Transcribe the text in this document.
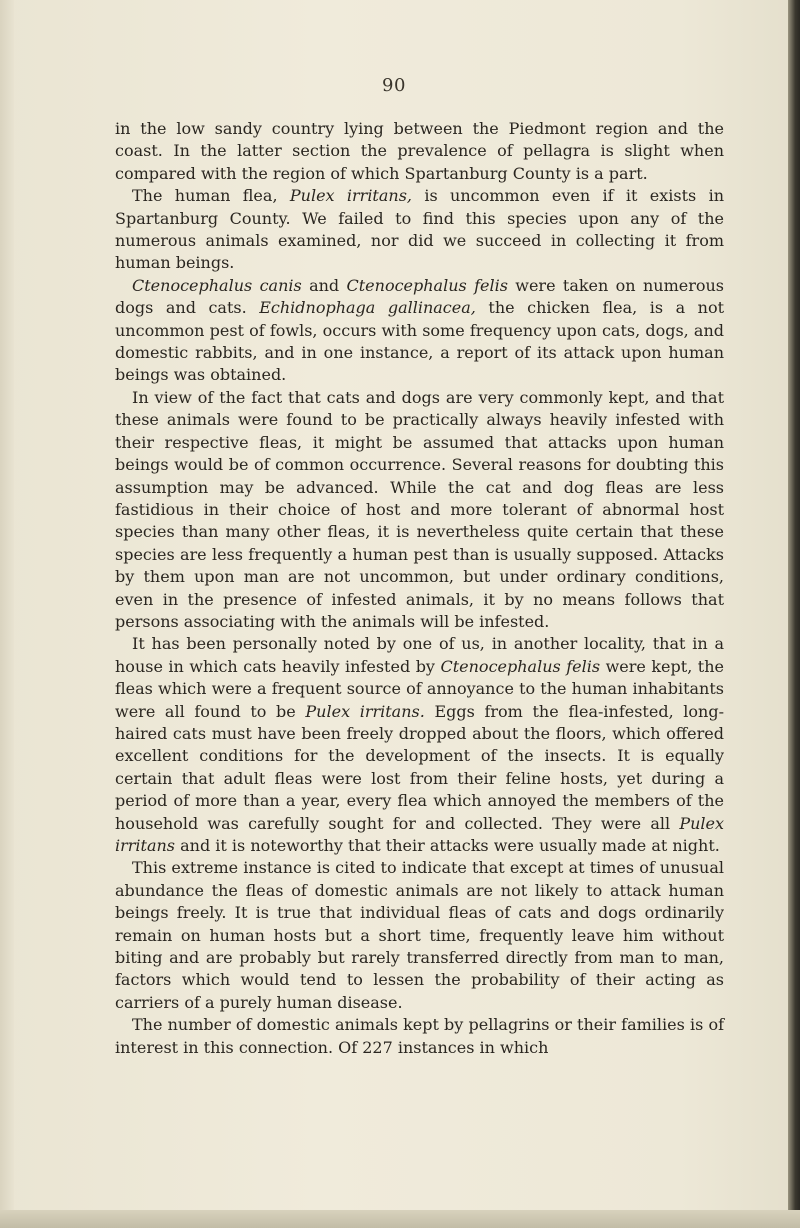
90

in the low sandy country lying between the Piedmont region and the coast. In the latter section the prevalence of pellagra is slight when compared with the region of which Spartanburg County is a part.

The human flea, Pulex irritans, is uncommon even if it exists in Spartanburg County. We failed to find this species upon any of the numerous animals examined, nor did we succeed in collecting it from human beings.

Ctenocephalus canis and Ctenocephalus felis were taken on numerous dogs and cats. Echidnophaga gallinacea, the chicken flea, is a not uncommon pest of fowls, occurs with some frequency upon cats, dogs, and domestic rabbits, and in one instance, a report of its attack upon human beings was obtained.

In view of the fact that cats and dogs are very commonly kept, and that these animals were found to be practically always heavily infested with their respective fleas, it might be assumed that attacks upon human beings would be of common occurrence. Several reasons for doubting this assumption may be advanced. While the cat and dog fleas are less fastidious in their choice of host and more tolerant of abnormal host species than many other fleas, it is nevertheless quite certain that these species are less frequently a human pest than is usually supposed. Attacks by them upon man are not uncommon, but under ordinary conditions, even in the presence of infested animals, it by no means follows that persons associating with the animals will be infested.

It has been personally noted by one of us, in another locality, that in a house in which cats heavily infested by Ctenocephalus felis were kept, the fleas which were a frequent source of annoyance to the human inhabitants were all found to be Pulex irritans. Eggs from the flea-infested, long-haired cats must have been freely dropped about the floors, which offered excellent conditions for the development of the insects. It is equally certain that adult fleas were lost from their feline hosts, yet during a period of more than a year, every flea which annoyed the members of the household was carefully sought for and collected. They were all Pulex irritans and it is noteworthy that their attacks were usually made at night.

This extreme instance is cited to indicate that except at times of unusual abundance the fleas of domestic animals are not likely to attack human beings freely. It is true that individual fleas of cats and dogs ordinarily remain on human hosts but a short time, frequently leave him without biting and are probably but rarely transferred directly from man to man, factors which would tend to lessen the probability of their acting as carriers of a purely human disease.

The number of domestic animals kept by pellagrins or their families is of interest in this connection. Of 227 instances in which
